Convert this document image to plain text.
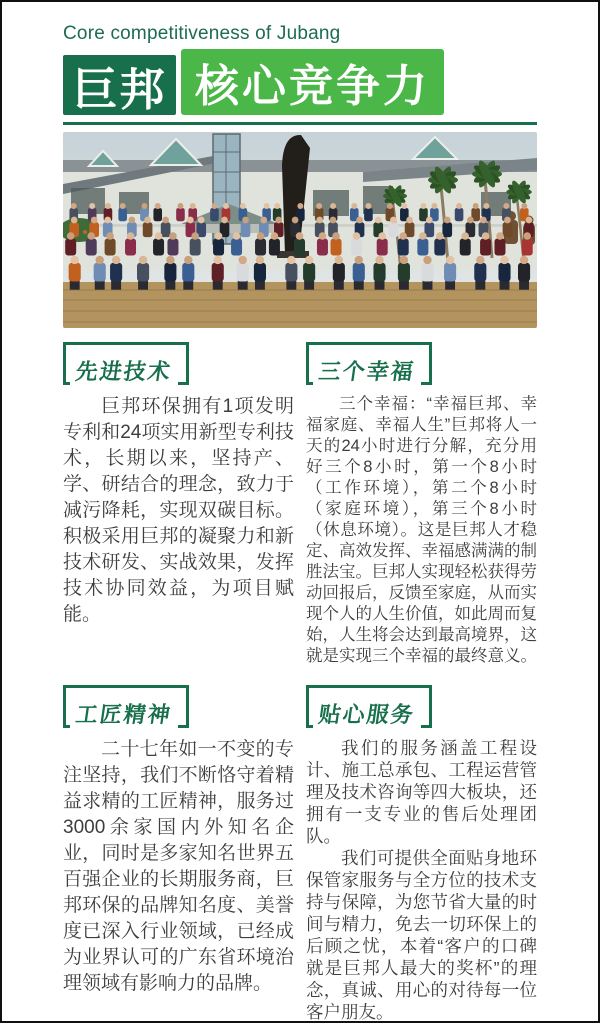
Core competitiveness of Jubang
巨邦 核心竞争力
先进技术	三个幸福

巨邦环保拥有1项发明专利和24项实用新型专利技术，长期以来，坚持产、学、研结合的理念，致力于减污降耗，实现双碳目标。积极采用巨邦的凝聚力和新技术研发、实战效果，发挥技术协同效益，为项目赋能。

三个幸福：“幸福巨邦、幸福家庭、幸福人生”巨邦将人一天的24小时进行分解，充分用好三个8小时，第一个8小时（工作环境），第二个8小时（家庭环境），第三个8小时（休息环境）。这是巨邦人才稳定、高效发挥、幸福感满满的制胜法宝。巨邦人实现轻松获得劳动回报后，反馈至家庭，从而实现个人的人生价值，如此周而复始，人生将会达到最高境界，这就是实现三个幸福的最终意义。

工匠精神	贴心服务

二十七年如一不变的专注坚持，我们不断恪守着精益求精的工匠精神，服务过3000余家国内外知名企业，同时是多家知名世界五百强企业的长期服务商，巨邦环保的品牌知名度、美誉度已深入行业领域，已经成为业界认可的广东省环境治理领域有影响力的品牌。

我们的服务涵盖工程设计、施工总承包、工程运营管理及技术咨询等四大板块，还拥有一支专业的售后处理团队。

我们可提供全面贴身地环保管家服务与全方位的技术支持与保障，为您节省大量的时间与精力，免去一切环保上的后顾之忧，本着“客户的口碑就是巨邦人最大的奖杯”的理念，真诚、用心的对待每一位客户朋友。
